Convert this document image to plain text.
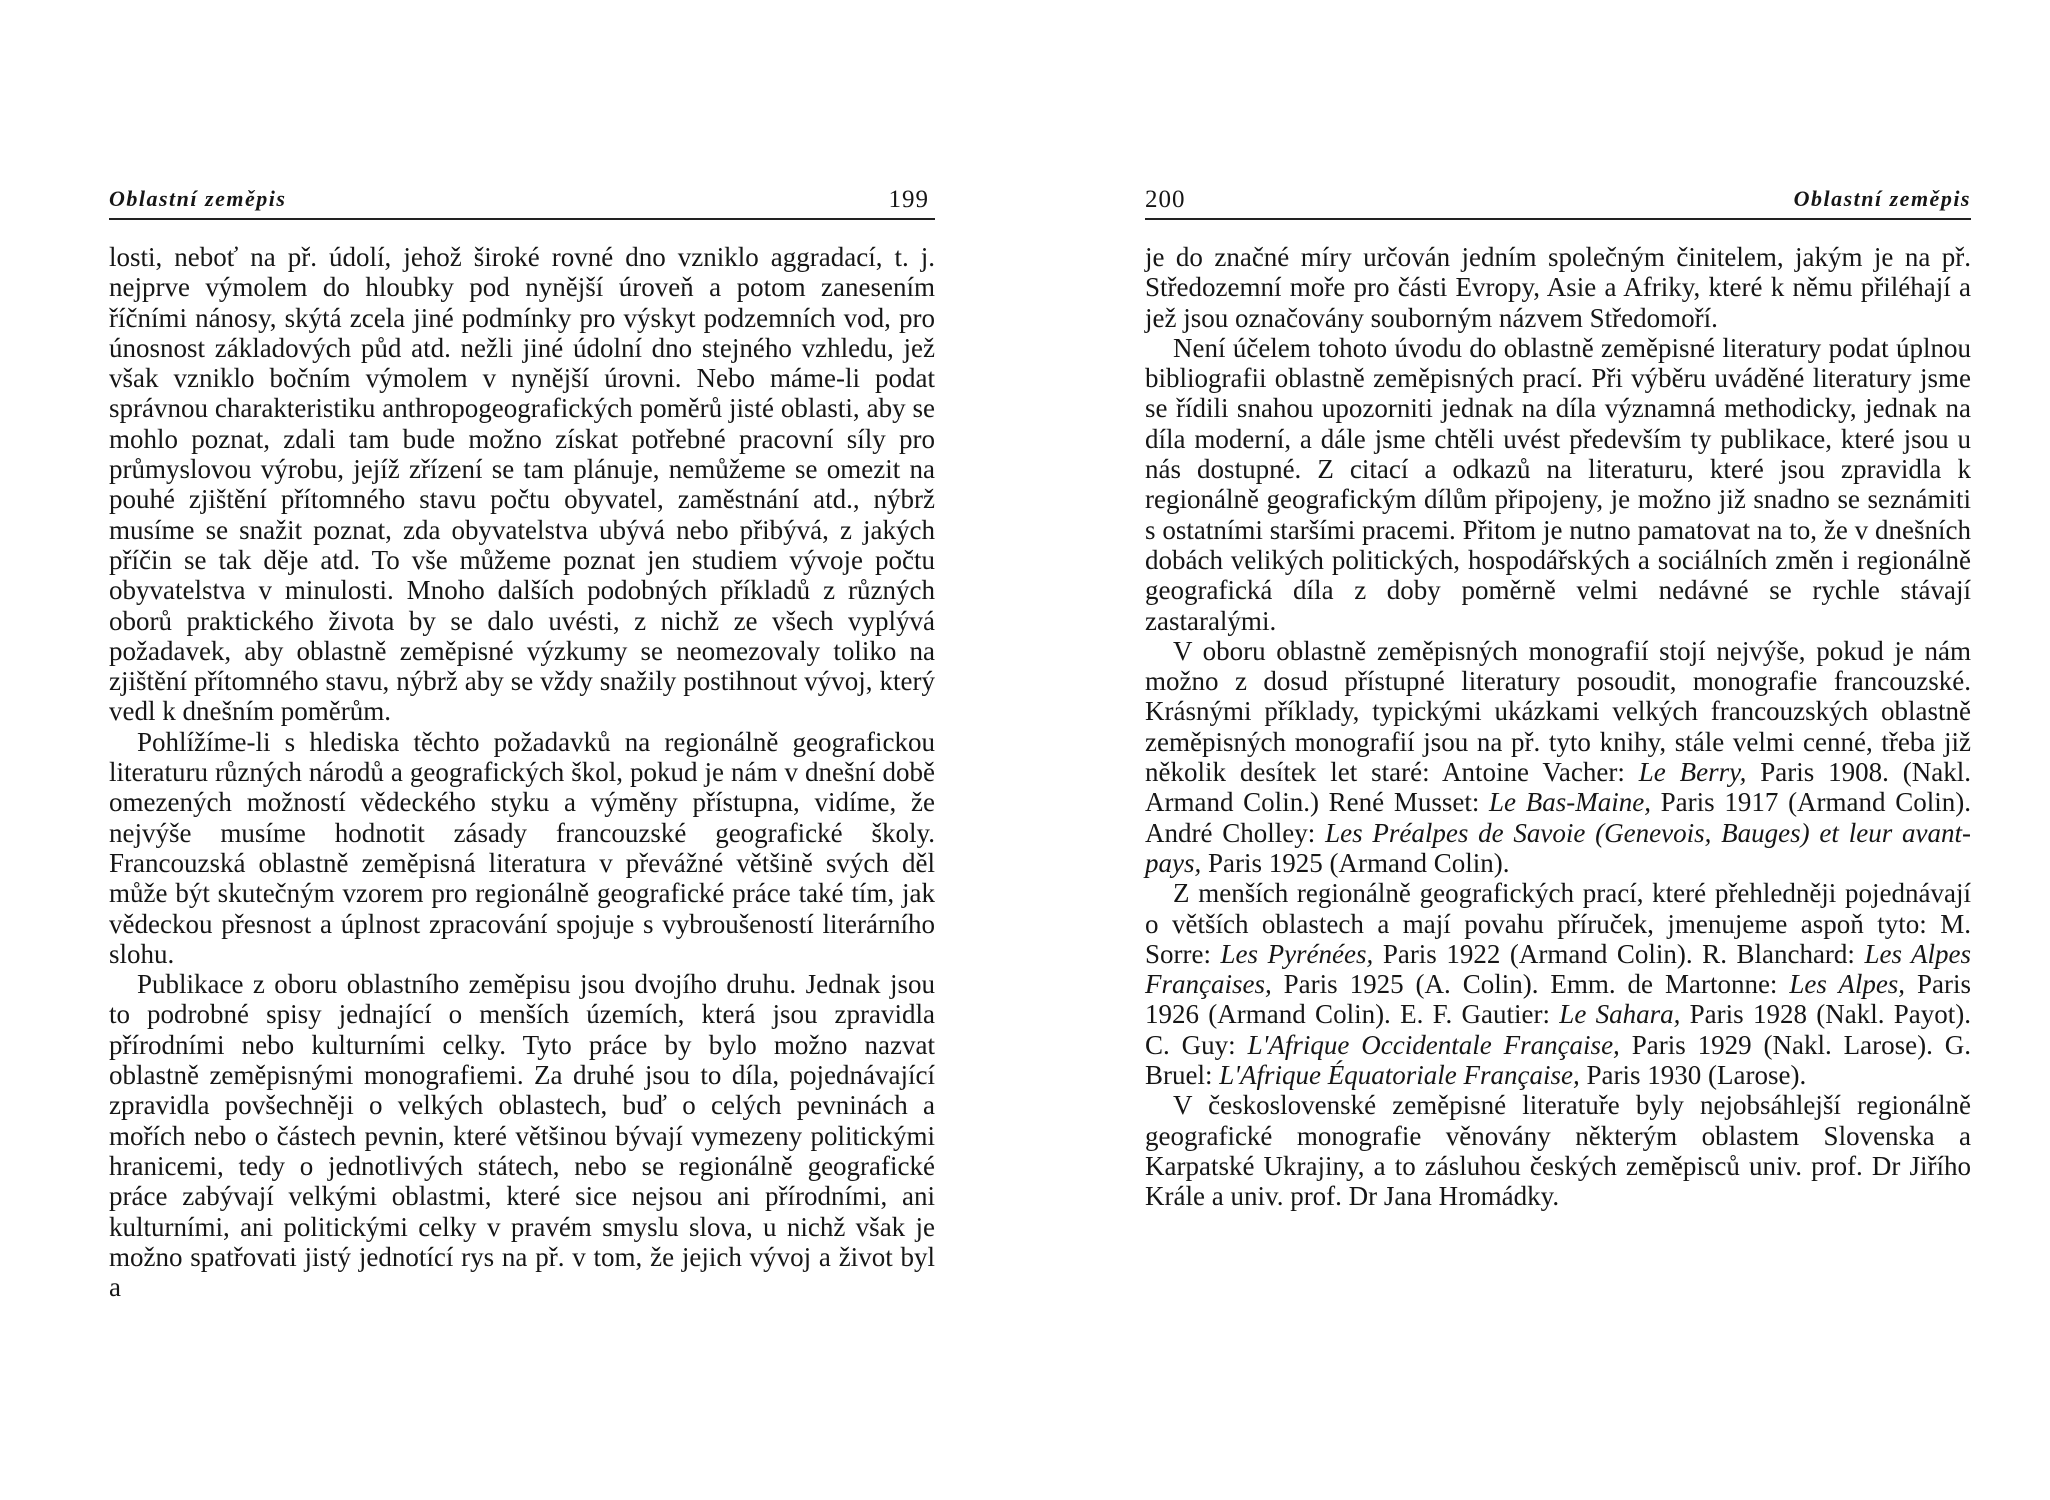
Oblastní zeměpis	199

losti, neboť na př. údolí, jehož široké rovné dno vzniklo aggradací, t. j. nejprve výmolem do hloubky pod nynější úroveň a potom zanesením říčními nánosy, skýtá zcela jiné podmínky pro výskyt podzemních vod, pro únosnost základových půd atd. nežli jiné údolní dno stejného vzhledu, jež však vzniklo bočním výmolem v nynější úrovni. Nebo máme-li podat správnou charakteristiku anthropogeografických poměrů jisté oblasti, aby se mohlo poznat, zdali tam bude možno získat potřebné pracovní síly pro průmyslovou výrobu, jejíž zřízení se tam plánuje, nemůžeme se omezit na pouhé zjištění přítomného stavu počtu obyvatel, zaměstnání atd., nýbrž musíme se snažit poznat, zda obyvatelstva ubývá nebo přibývá, z jakých příčin se tak děje atd. To vše můžeme poznat jen studiem vývoje počtu obyvatelstva v minulosti. Mnoho dalších podobných příkladů z různých oborů praktického života by se dalo uvésti, z nichž ze všech vyplývá požadavek, aby oblastně zeměpisné výzkumy se neomezovaly toliko na zjištění přítomného stavu, nýbrž aby se vždy snažily postihnout vývoj, který vedl k dnešním poměrům.

Pohlížíme-li s hlediska těchto požadavků na regionálně geografickou literaturu různých národů a geografických škol, pokud je nám v dnešní době omezených možností vědeckého styku a výměny přístupna, vidíme, že nejvýše musíme hodnotit zásady francouzské geografické školy. Francouzská oblastně zeměpisná literatura v převážné většině svých děl může být skutečným vzorem pro regionálně geografické práce také tím, jak vědeckou přesnost a úplnost zpracování spojuje s vybroušeností literárního slohu.

Publikace z oboru oblastního zeměpisu jsou dvojího druhu. Jednak jsou to podrobné spisy jednající o menších územích, která jsou zpravidla přírodními nebo kulturními celky. Tyto práce by bylo možno nazvat oblastně zeměpisnými monografiemi. Za druhé jsou to díla, pojednávající zpravidla povšechněji o velkých oblastech, buď o celých pevninách a mořích nebo o částech pevnin, které většinou bývají vymezeny politickými hranicemi, tedy o jednotlivých státech, nebo se regionálně geografické práce zabývají velkými oblastmi, které sice nejsou ani přírodními, ani kulturními, ani politickými celky v pravém smyslu slova, u nichž však je možno spatřovati jistý jednotící rys na př. v tom, že jejich vývoj a život byl a

200	Oblastní zeměpis

je do značné míry určován jedním společným činitelem, jakým je na př. Středozemní moře pro části Evropy, Asie a Afriky, které k němu přiléhají a jež jsou označovány souborným názvem Středomoří.

Není účelem tohoto úvodu do oblastně zeměpisné literatury podat úplnou bibliografii oblastně zeměpisných prací. Při výběru uváděné literatury jsme se řídili snahou upozorniti jednak na díla významná methodicky, jednak na díla moderní, a dále jsme chtěli uvést především ty publikace, které jsou u nás dostupné. Z citací a odkazů na literaturu, které jsou zpravidla k regionálně geografickým dílům připojeny, je možno již snadno se seznámiti s ostatními staršími pracemi. Přitom je nutno pamatovat na to, že v dnešních dobách velikých politických, hospodářských a sociálních změn i regionálně geografická díla z doby poměrně velmi nedávné se rychle stávají zastaralými.

V oboru oblastně zeměpisných monografií stojí nejvýše, pokud je nám možno z dosud přístupné literatury posoudit, monografie francouzské. Krásnými příklady, typickými ukázkami velkých francouzských oblastně zeměpisných monografií jsou na př. tyto knihy, stále velmi cenné, třeba již několik desítek let staré: Antoine Vacher: Le Berry, Paris 1908. (Nakl. Armand Colin.) René Musset: Le Bas-Maine, Paris 1917 (Armand Colin). André Cholley: Les Préalpes de Savoie (Genevois, Bauges) et leur avant-pays, Paris 1925 (Armand Colin).

Z menších regionálně geografických prací, které přehledněji pojednávají o větších oblastech a mají povahu příruček, jmenujeme aspoň tyto: M. Sorre: Les Pyrénées, Paris 1922 (Armand Colin). R. Blanchard: Les Alpes Françaises, Paris 1925 (A. Colin). Emm. de Martonne: Les Alpes, Paris 1926 (Armand Colin). E. F. Gautier: Le Sahara, Paris 1928 (Nakl. Payot). C. Guy: L'Afrique Occidentale Française, Paris 1929 (Nakl. Larose). G. Bruel: L'Afrique Équatoriale Française, Paris 1930 (Larose).

V československé zeměpisné literatuře byly nejobsáhlejší regionálně geografické monografie věnovány některým oblastem Slovenska a Karpatské Ukrajiny, a to zásluhou českých zeměpisců univ. prof. Dr Jiřího Krále a univ. prof. Dr Jana Hromádky.
